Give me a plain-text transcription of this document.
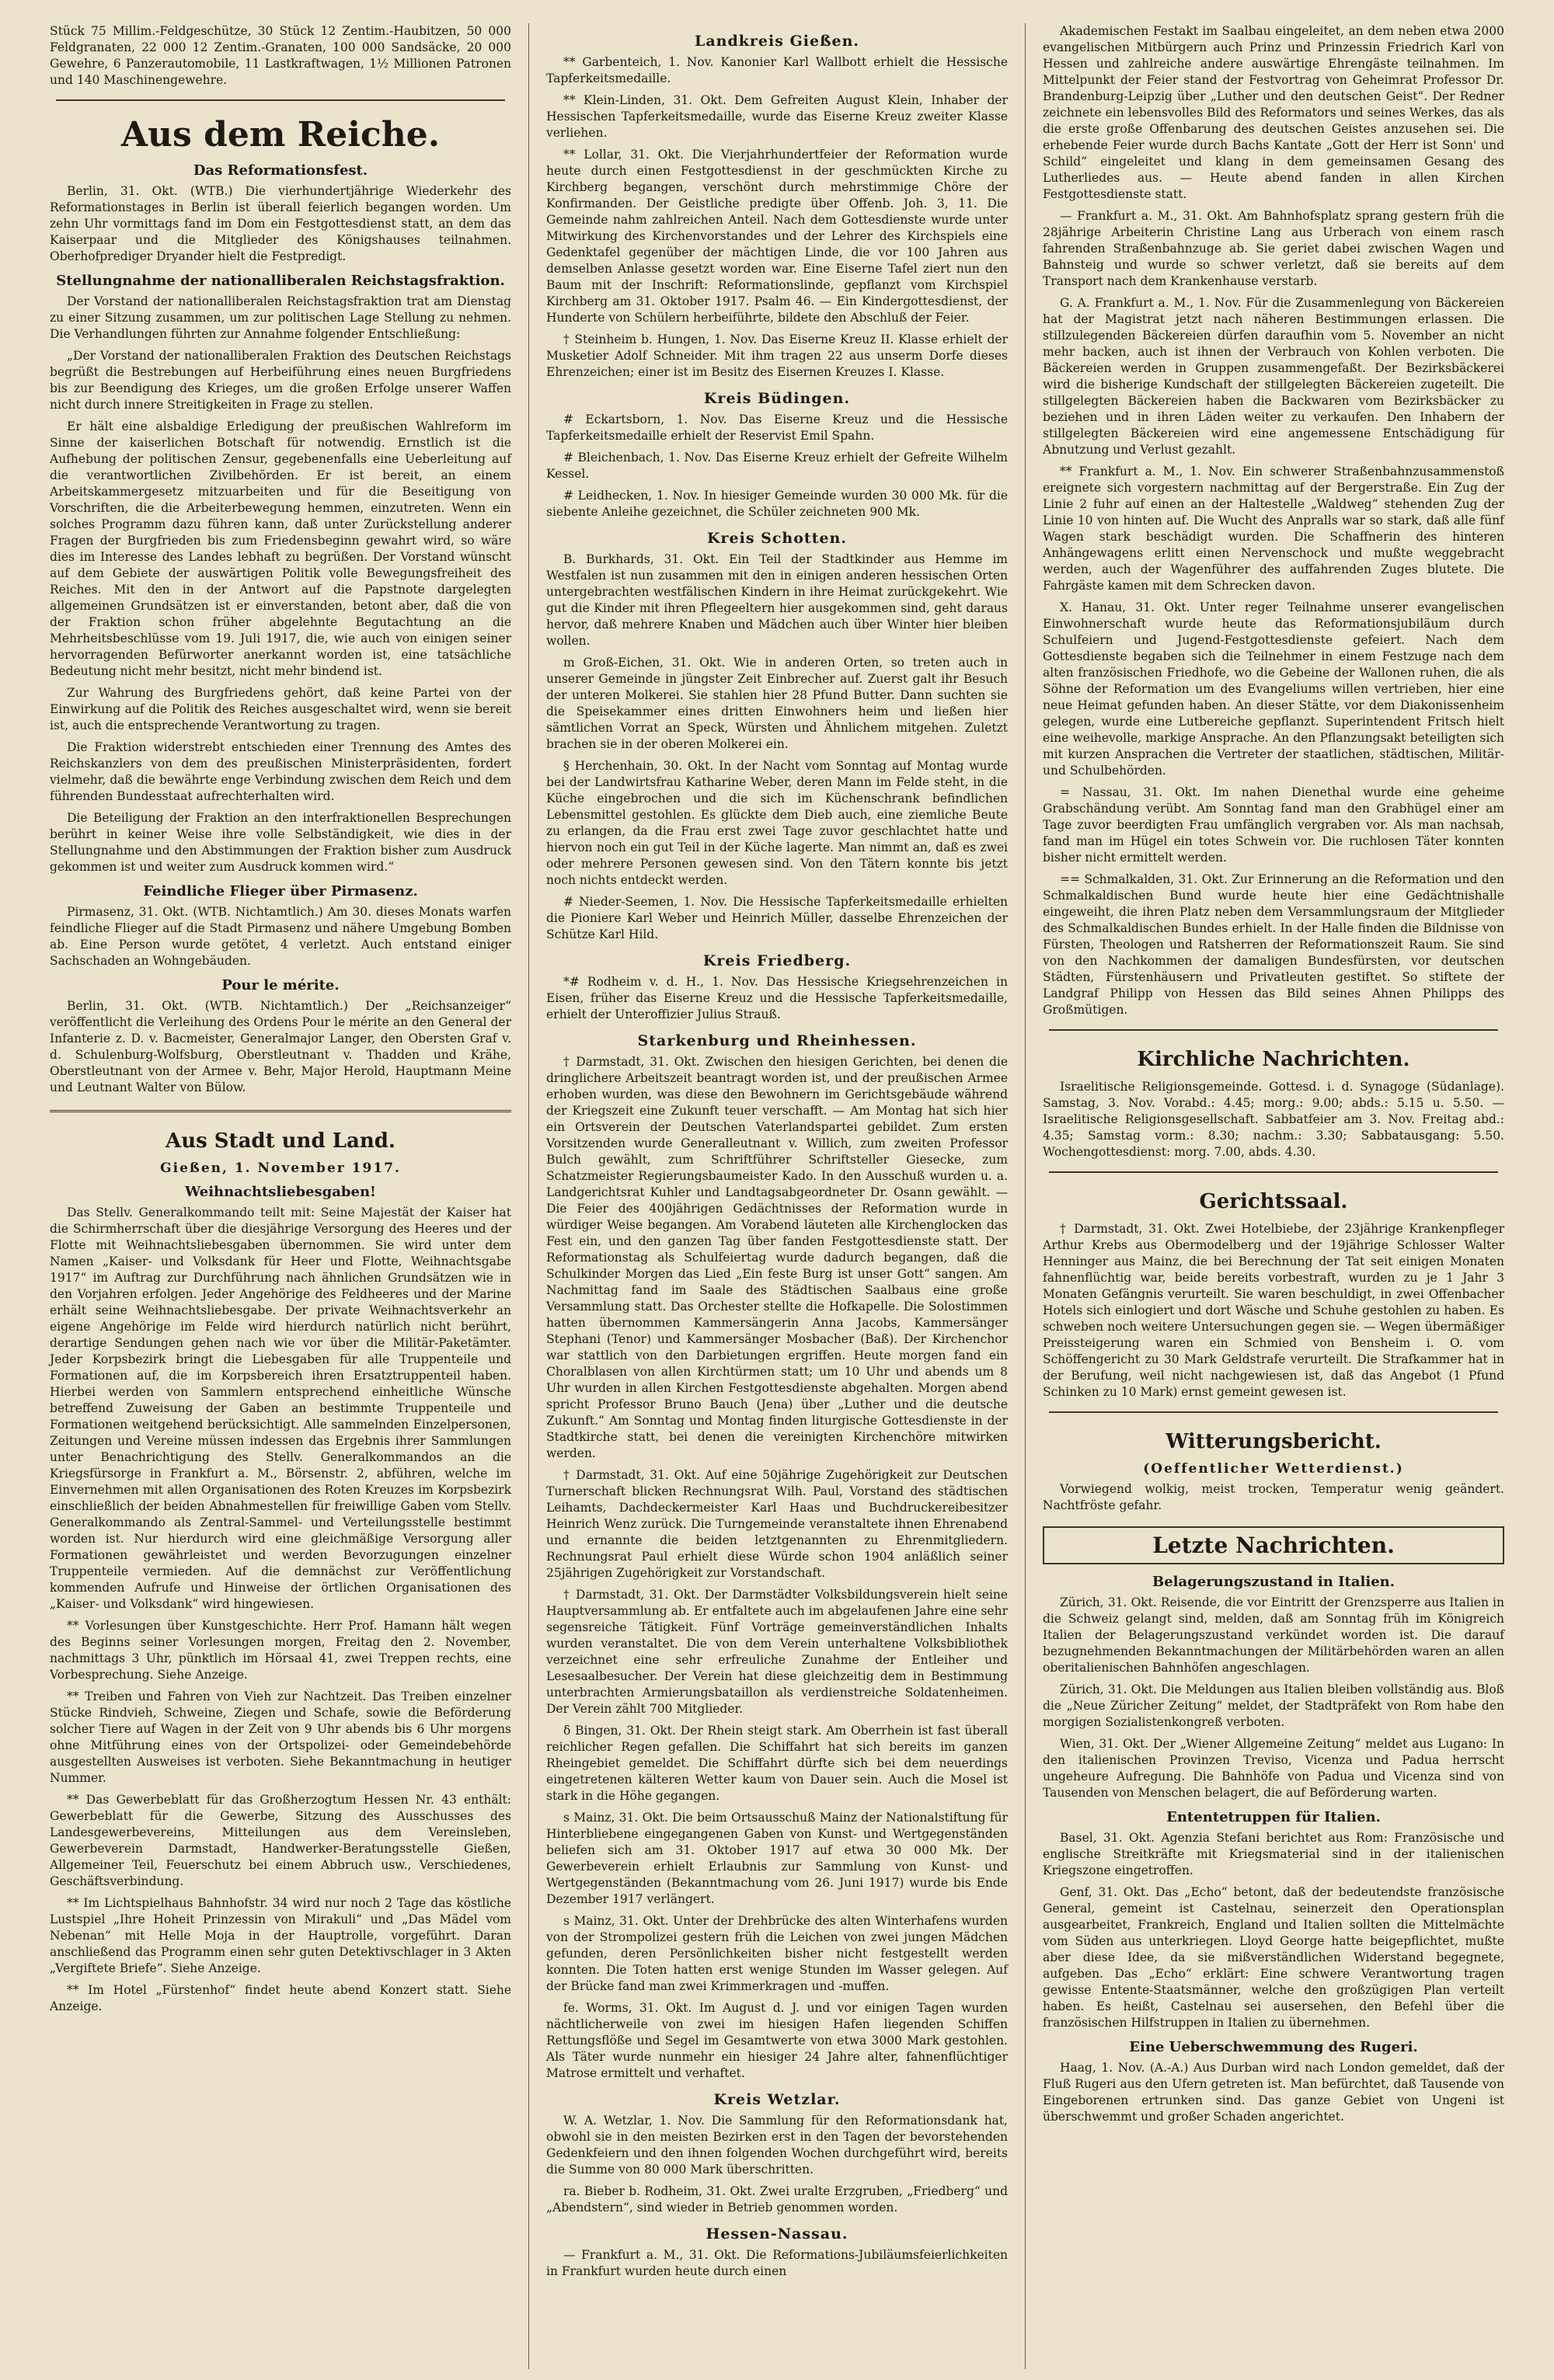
Stück 75 Millim.-Feldgeschütze, 30 Stück 12 Zentim.-Haubitzen, 50 000 Feldgranaten, 22 000 12 Zentim.-Granaten, 100 000 Sandsäcke, 20 000 Gewehre, 6 Panzerautomobile, 11 Lastkraftwagen, 1½ Millionen Patronen und 140 Maschinengewehre.

Aus dem Reiche.
Das Reformationsfest.

Berlin, 31. Okt. (WTB.) Die vierhundertjährige Wiederkehr des Reformationstages in Berlin ist überall feierlich begangen worden. Um zehn Uhr vormittags fand im Dom ein Festgottesdienst statt, an dem das Kaiserpaar und die Mitglieder des Königshauses teilnahmen. Oberhofprediger Dryander hielt die Festpredigt.

Stellungnahme der nationalliberalen Reichstagsfraktion.

Der Vorstand der nationalliberalen Reichstagsfraktion trat am Dienstag zu einer Sitzung zusammen, um zur politischen Lage Stellung zu nehmen. Die Verhandlungen führten zur Annahme folgender Entschließung:

„Der Vorstand der nationalliberalen Fraktion des Deutschen Reichstags begrüßt die Bestrebungen auf Herbeiführung eines neuen Burgfriedens bis zur Beendigung des Krieges, um die großen Erfolge unserer Waffen nicht durch innere Streitigkeiten in Frage zu stellen.

Er hält eine alsbaldige Erledigung der preußischen Wahlreform im Sinne der kaiserlichen Botschaft für notwendig. Ernstlich ist die Aufhebung der politischen Zensur, gegebenenfalls eine Ueberleitung auf die verantwortlichen Zivilbehörden. Er ist bereit, an einem Arbeitskammergesetz mitzuarbeiten und für die Beseitigung von Vorschriften, die die Arbeiterbewegung hemmen, einzutreten. Wenn ein solches Programm dazu führen kann, daß unter Zurückstellung anderer Fragen der Burgfrieden bis zum Friedensbeginn gewahrt wird, so wäre dies im Interesse des Landes lebhaft zu begrüßen. Der Vorstand wünscht auf dem Gebiete der auswärtigen Politik volle Bewegungsfreiheit des Reiches. Mit den in der Antwort auf die Papstnote dargelegten allgemeinen Grundsätzen ist er einverstanden, betont aber, daß die von der Fraktion schon früher abgelehnte Begutachtung an die Mehrheitsbeschlüsse vom 19. Juli 1917, die, wie auch von einigen seiner hervorragenden Befürworter anerkannt worden ist, eine tatsächliche Bedeutung nicht mehr besitzt, nicht mehr bindend ist.

Zur Wahrung des Burgfriedens gehört, daß keine Partei von der Einwirkung auf die Politik des Reiches ausgeschaltet wird, wenn sie bereit ist, auch die entsprechende Verantwortung zu tragen.

Die Fraktion widerstrebt entschieden einer Trennung des Amtes des Reichskanzlers von dem des preußischen Ministerpräsidenten, fordert vielmehr, daß die bewährte enge Verbindung zwischen dem Reich und dem führenden Bundesstaat aufrechterhalten wird.

Die Beteiligung der Fraktion an den interfraktionellen Besprechungen berührt in keiner Weise ihre volle Selbständigkeit, wie dies in der Stellungnahme und den Abstimmungen der Fraktion bisher zum Ausdruck gekommen ist und weiter zum Ausdruck kommen wird.“

Feindliche Flieger über Pirmasenz.

Pirmasenz, 31. Okt. (WTB. Nichtamtlich.) Am 30. dieses Monats warfen feindliche Flieger auf die Stadt Pirmasenz und nähere Umgebung Bomben ab. Eine Person wurde getötet, 4 verletzt. Auch entstand einiger Sachschaden an Wohngebäuden.

Pour le mérite.

Berlin, 31. Okt. (WTB. Nichtamtlich.) Der „Reichsanzeiger“ veröffentlicht die Verleihung des Ordens Pour le mérite an den General der Infanterie z. D. v. Bacmeister, Generalmajor Langer, den Obersten Graf v. d. Schulenburg-Wolfsburg, Oberstleutnant v. Thadden und Krähe, Oberstleutnant von der Armee v. Behr, Major Herold, Hauptmann Meine und Leutnant Walter von Bülow.

Aus Stadt und Land.
Gießen, 1. November 1917.
Weihnachtsliebesgaben!

Das Stellv. Generalkommando teilt mit: Seine Majestät der Kaiser hat die Schirmherrschaft über die diesjährige Versorgung des Heeres und der Flotte mit Weihnachtsliebesgaben übernommen. Sie wird unter dem Namen „Kaiser- und Volksdank für Heer und Flotte, Weihnachtsgabe 1917“ im Auftrag zur Durchführung nach ähnlichen Grundsätzen wie in den Vorjahren erfolgen. Jeder Angehörige des Feldheeres und der Marine erhält seine Weihnachtsliebesgabe. Der private Weihnachtsverkehr an eigene Angehörige im Felde wird hierdurch natürlich nicht berührt, derartige Sendungen gehen nach wie vor über die Militär-Paketämter. Jeder Korpsbezirk bringt die Liebesgaben für alle Truppenteile und Formationen auf, die im Korpsbereich ihren Ersatztruppenteil haben. Hierbei werden von Sammlern entsprechend einheitliche Wünsche betreffend Zuweisung der Gaben an bestimmte Truppenteile und Formationen weitgehend berücksichtigt. Alle sammelnden Einzelpersonen, Zeitungen und Vereine müssen indessen das Ergebnis ihrer Sammlungen unter Benachrichtigung des Stellv. Generalkommandos an die Kriegsfürsorge in Frankfurt a. M., Börsenstr. 2, abführen, welche im Einvernehmen mit allen Organisationen des Roten Kreuzes im Korpsbezirk einschließlich der beiden Abnahmestellen für freiwillige Gaben vom Stellv. Generalkommando als Zentral-Sammel- und Verteilungsstelle bestimmt worden ist. Nur hierdurch wird eine gleichmäßige Versorgung aller Formationen gewährleistet und werden Bevorzugungen einzelner Truppenteile vermieden. Auf die demnächst zur Veröffentlichung kommenden Aufrufe und Hinweise der örtlichen Organisationen des „Kaiser- und Volksdank“ wird hingewiesen.

** Vorlesungen über Kunstgeschichte. Herr Prof. Hamann hält wegen des Beginns seiner Vorlesungen morgen, Freitag den 2. November, nachmittags 3 Uhr, pünktlich im Hörsaal 41, zwei Treppen rechts, eine Vorbesprechung. Siehe Anzeige.

** Treiben und Fahren von Vieh zur Nachtzeit. Das Treiben einzelner Stücke Rindvieh, Schweine, Ziegen und Schafe, sowie die Beförderung solcher Tiere auf Wagen in der Zeit von 9 Uhr abends bis 6 Uhr morgens ohne Mitführung eines von der Ortspolizei- oder Gemeindebehörde ausgestellten Ausweises ist verboten. Siehe Bekanntmachung in heutiger Nummer.

** Das Gewerbeblatt für das Großherzogtum Hessen Nr. 43 enthält: Gewerbeblatt für die Gewerbe, Sitzung des Ausschusses des Landesgewerbevereins, Mitteilungen aus dem Vereinsleben, Gewerbeverein Darmstadt, Handwerker-Beratungsstelle Gießen, Allgemeiner Teil, Feuerschutz bei einem Abbruch usw., Verschiedenes, Geschäftsverbindung.

** Im Lichtspielhaus Bahnhofstr. 34 wird nur noch 2 Tage das köstliche Lustspiel „Ihre Hoheit Prinzessin von Mirakuli“ und „Das Mädel vom Nebenan“ mit Helle Moja in der Hauptrolle, vorgeführt. Daran anschließend das Programm einen sehr guten Detektivschlager in 3 Akten „Vergiftete Briefe“. Siehe Anzeige.

** Im Hotel „Fürstenhof“ findet heute abend Konzert statt. Siehe Anzeige.

Landkreis Gießen.

** Garbenteich, 1. Nov. Kanonier Karl Wallbott erhielt die Hessische Tapferkeitsmedaille.

** Klein-Linden, 31. Okt. Dem Gefreiten August Klein, Inhaber der Hessischen Tapferkeitsmedaille, wurde das Eiserne Kreuz zweiter Klasse verliehen.

** Lollar, 31. Okt. Die Vierjahrhundertfeier der Reformation wurde heute durch einen Festgottesdienst in der geschmückten Kirche zu Kirchberg begangen, verschönt durch mehrstimmige Chöre der Konfirmanden. Der Geistliche predigte über Offenb. Joh. 3, 11. Die Gemeinde nahm zahlreichen Anteil. Nach dem Gottesdienste wurde unter Mitwirkung des Kirchenvorstandes und der Lehrer des Kirchspiels eine Gedenktafel gegenüber der mächtigen Linde, die vor 100 Jahren aus demselben Anlasse gesetzt worden war. Eine Eiserne Tafel ziert nun den Baum mit der Inschrift: Reformationslinde, gepflanzt vom Kirchspiel Kirchberg am 31. Oktober 1917. Psalm 46. — Ein Kindergottesdienst, der Hunderte von Schülern herbeiführte, bildete den Abschluß der Feier.

† Steinheim b. Hungen, 1. Nov. Das Eiserne Kreuz II. Klasse erhielt der Musketier Adolf Schneider. Mit ihm tragen 22 aus unserm Dorfe dieses Ehrenzeichen; einer ist im Besitz des Eisernen Kreuzes I. Klasse.

Kreis Büdingen.

# Eckartsborn, 1. Nov. Das Eiserne Kreuz und die Hessische Tapferkeitsmedaille erhielt der Reservist Emil Spahn.

# Bleichenbach, 1. Nov. Das Eiserne Kreuz erhielt der Gefreite Wilhelm Kessel.

# Leidhecken, 1. Nov. In hiesiger Gemeinde wurden 30 000 Mk. für die siebente Anleihe gezeichnet, die Schüler zeichneten 900 Mk.

Kreis Schotten.

B. Burkhards, 31. Okt. Ein Teil der Stadtkinder aus Hemme im Westfalen ist nun zusammen mit den in einigen anderen hessischen Orten untergebrachten westfälischen Kindern in ihre Heimat zurückgekehrt. Wie gut die Kinder mit ihren Pflegeeltern hier ausgekommen sind, geht daraus hervor, daß mehrere Knaben und Mädchen auch über Winter hier bleiben wollen.

m Groß-Eichen, 31. Okt. Wie in anderen Orten, so treten auch in unserer Gemeinde in jüngster Zeit Einbrecher auf. Zuerst galt ihr Besuch der unteren Molkerei. Sie stahlen hier 28 Pfund Butter. Dann suchten sie die Speisekammer eines dritten Einwohners heim und ließen hier sämtlichen Vorrat an Speck, Würsten und Ähnlichem mitgehen. Zuletzt brachen sie in der oberen Molkerei ein.

§ Herchenhain, 30. Okt. In der Nacht vom Sonntag auf Montag wurde bei der Landwirtsfrau Katharine Weber, deren Mann im Felde steht, in die Küche eingebrochen und die sich im Küchenschrank befindlichen Lebensmittel gestohlen. Es glückte dem Dieb auch, eine ziemliche Beute zu erlangen, da die Frau erst zwei Tage zuvor geschlachtet hatte und hiervon noch ein gut Teil in der Küche lagerte. Man nimmt an, daß es zwei oder mehrere Personen gewesen sind. Von den Tätern konnte bis jetzt noch nichts entdeckt werden.

# Nieder-Seemen, 1. Nov. Die Hessische Tapferkeitsmedaille erhielten die Pioniere Karl Weber und Heinrich Müller, dasselbe Ehrenzeichen der Schütze Karl Hild.

Kreis Friedberg.

*# Rodheim v. d. H., 1. Nov. Das Hessische Kriegsehrenzeichen in Eisen, früher das Eiserne Kreuz und die Hessische Tapferkeitsmedaille, erhielt der Unteroffizier Julius Strauß.

Starkenburg und Rheinhessen.

† Darmstadt, 31. Okt. Zwischen den hiesigen Gerichten, bei denen die dringlichere Arbeitszeit beantragt worden ist, und der preußischen Armee erhoben wurden, was diese den Bewohnern im Gerichtsgebäude während der Kriegszeit eine Zukunft teuer verschafft. — Am Montag hat sich hier ein Ortsverein der Deutschen Vaterlandspartei gebildet. Zum ersten Vorsitzenden wurde Generalleutnant v. Willich, zum zweiten Professor Bulch gewählt, zum Schriftführer Schriftsteller Giesecke, zum Schatzmeister Regierungsbaumeister Kado. In den Ausschuß wurden u. a. Landgerichtsrat Kuhler und Landtagsabgeordneter Dr. Osann gewählt. — Die Feier des 400jährigen Gedächtnisses der Reformation wurde in würdiger Weise begangen. Am Vorabend läuteten alle Kirchenglocken das Fest ein, und den ganzen Tag über fanden Festgottesdienste statt. Der Reformationstag als Schulfeiertag wurde dadurch begangen, daß die Schulkinder Morgen das Lied „Ein feste Burg ist unser Gott“ sangen. Am Nachmittag fand im Saale des Städtischen Saalbaus eine große Versammlung statt. Das Orchester stellte die Hofkapelle. Die Solostimmen hatten übernommen Kammersängerin Anna Jacobs, Kammersänger Stephani (Tenor) und Kammersänger Mosbacher (Baß). Der Kirchenchor war stattlich von den Darbietungen ergriffen. Heute morgen fand ein Choralblasen von allen Kirchtürmen statt; um 10 Uhr und abends um 8 Uhr wurden in allen Kirchen Festgottesdienste abgehalten. Morgen abend spricht Professor Bruno Bauch (Jena) über „Luther und die deutsche Zukunft.“ Am Sonntag und Montag finden liturgische Gottesdienste in der Stadtkirche statt, bei denen die vereinigten Kirchenchöre mitwirken werden.

† Darmstadt, 31. Okt. Auf eine 50jährige Zugehörigkeit zur Deutschen Turnerschaft blicken Rechnungsrat Wilh. Paul, Vorstand des städtischen Leihamts, Dachdeckermeister Karl Haas und Buchdruckereibesitzer Heinrich Wenz zurück. Die Turngemeinde veranstaltete ihnen Ehrenabend und ernannte die beiden letztgenannten zu Ehrenmitgliedern. Rechnungsrat Paul erhielt diese Würde schon 1904 anläßlich seiner 25jährigen Zugehörigkeit zur Vorstandschaft.

† Darmstadt, 31. Okt. Der Darmstädter Volksbildungsverein hielt seine Hauptversammlung ab. Er entfaltete auch im abgelaufenen Jahre eine sehr segensreiche Tätigkeit. Fünf Vorträge gemeinverständlichen Inhalts wurden veranstaltet. Die von dem Verein unterhaltene Volksbibliothek verzeichnet eine sehr erfreuliche Zunahme der Entleiher und Lesesaalbesucher. Der Verein hat diese gleichzeitig dem in Bestimmung unterbrachten Armierungsbataillon als verdienstreiche Soldatenheimen. Der Verein zählt 700 Mitglieder.

δ Bingen, 31. Okt. Der Rhein steigt stark. Am Oberrhein ist fast überall reichlicher Regen gefallen. Die Schiffahrt hat sich bereits im ganzen Rheingebiet gemeldet. Die Schiffahrt dürfte sich bei dem neuerdings eingetretenen kälteren Wetter kaum von Dauer sein. Auch die Mosel ist stark in die Höhe gegangen.

s Mainz, 31. Okt. Die beim Ortsausschuß Mainz der Nationalstiftung für Hinterbliebene eingegangenen Gaben von Kunst- und Wertgegenständen beliefen sich am 31. Oktober 1917 auf etwa 30 000 Mk. Der Gewerbeverein erhielt Erlaubnis zur Sammlung von Kunst- und Wertgegenständen (Bekanntmachung vom 26. Juni 1917) wurde bis Ende Dezember 1917 verlängert.

s Mainz, 31. Okt. Unter der Drehbrücke des alten Winterhafens wurden von der Strompolizei gestern früh die Leichen von zwei jungen Mädchen gefunden, deren Persönlichkeiten bisher nicht festgestellt werden konnten. Die Toten hatten erst wenige Stunden im Wasser gelegen. Auf der Brücke fand man zwei Krimmerkragen und -muffen.

fe. Worms, 31. Okt. Im August d. J. und vor einigen Tagen wurden nächtlicherweile von zwei im hiesigen Hafen liegenden Schiffen Rettungsflöße und Segel im Gesamtwerte von etwa 3000 Mark gestohlen. Als Täter wurde nunmehr ein hiesiger 24 Jahre alter, fahnenflüchtiger Matrose ermittelt und verhaftet.

Kreis Wetzlar.

W. A. Wetzlar, 1. Nov. Die Sammlung für den Reformationsdank hat, obwohl sie in den meisten Bezirken erst in den Tagen der bevorstehenden Gedenkfeiern und den ihnen folgenden Wochen durchgeführt wird, bereits die Summe von 80 000 Mark überschritten.

ra. Bieber b. Rodheim, 31. Okt. Zwei uralte Erzgruben, „Friedberg“ und „Abendstern“, sind wieder in Betrieb genommen worden.

Hessen-Nassau.

— Frankfurt a. M., 31. Okt. Die Reformations-Jubiläumsfeierlichkeiten in Frankfurt wurden heute durch einen

Akademischen Festakt im Saalbau eingeleitet, an dem neben etwa 2000 evangelischen Mitbürgern auch Prinz und Prinzessin Friedrich Karl von Hessen und zahlreiche andere auswärtige Ehrengäste teilnahmen. Im Mittelpunkt der Feier stand der Festvortrag von Geheimrat Professor Dr. Brandenburg-Leipzig über „Luther und den deutschen Geist“. Der Redner zeichnete ein lebensvolles Bild des Reformators und seines Werkes, das als die erste große Offenbarung des deutschen Geistes anzusehen sei. Die erhebende Feier wurde durch Bachs Kantate „Gott der Herr ist Sonn' und Schild“ eingeleitet und klang in dem gemeinsamen Gesang des Lutherliedes aus. — Heute abend fanden in allen Kirchen Festgottesdienste statt.

— Frankfurt a. M., 31. Okt. Am Bahnhofsplatz sprang gestern früh die 28jährige Arbeiterin Christine Lang aus Urberach von einem rasch fahrenden Straßenbahnzuge ab. Sie geriet dabei zwischen Wagen und Bahnsteig und wurde so schwer verletzt, daß sie bereits auf dem Transport nach dem Krankenhause verstarb.

G. A. Frankfurt a. M., 1. Nov. Für die Zusammenlegung von Bäckereien hat der Magistrat jetzt nach näheren Bestimmungen erlassen. Die stillzulegenden Bäckereien dürfen daraufhin vom 5. November an nicht mehr backen, auch ist ihnen der Verbrauch von Kohlen verboten. Die Bäckereien werden in Gruppen zusammengefaßt. Der Bezirksbäckerei wird die bisherige Kundschaft der stillgelegten Bäckereien zugeteilt. Die stillgelegten Bäckereien haben die Backwaren vom Bezirksbäcker zu beziehen und in ihren Läden weiter zu verkaufen. Den Inhabern der stillgelegten Bäckereien wird eine angemessene Entschädigung für Abnutzung und Verlust gezahlt.

** Frankfurt a. M., 1. Nov. Ein schwerer Straßenbahnzusammenstoß ereignete sich vorgestern nachmittag auf der Bergerstraße. Ein Zug der Linie 2 fuhr auf einen an der Haltestelle „Waldweg“ stehenden Zug der Linie 10 von hinten auf. Die Wucht des Anpralls war so stark, daß alle fünf Wagen stark beschädigt wurden. Die Schaffnerin des hinteren Anhängewagens erlitt einen Nervenschock und mußte weggebracht werden, auch der Wagenführer des auffahrenden Zuges blutete. Die Fahrgäste kamen mit dem Schrecken davon.

X. Hanau, 31. Okt. Unter reger Teilnahme unserer evangelischen Einwohnerschaft wurde heute das Reformationsjubiläum durch Schulfeiern und Jugend-Festgottesdienste gefeiert. Nach dem Gottesdienste begaben sich die Teilnehmer in einem Festzuge nach dem alten französischen Friedhofe, wo die Gebeine der Wallonen ruhen, die als Söhne der Reformation um des Evangeliums willen vertrieben, hier eine neue Heimat gefunden haben. An dieser Stätte, vor dem Diakonissenheim gelegen, wurde eine Lutbereiche gepflanzt. Superintendent Fritsch hielt eine weihevolle, markige Ansprache. An den Pflanzungsakt beteiligten sich mit kurzen Ansprachen die Vertreter der staatlichen, städtischen, Militär- und Schulbehörden.

= Nassau, 31. Okt. Im nahen Dienethal wurde eine geheime Grabschändung verübt. Am Sonntag fand man den Grabhügel einer am Tage zuvor beerdigten Frau umfänglich vergraben vor. Als man nachsah, fand man im Hügel ein totes Schwein vor. Die ruchlosen Täter konnten bisher nicht ermittelt werden.

== Schmalkalden, 31. Okt. Zur Erinnerung an die Reformation und den Schmalkaldischen Bund wurde heute hier eine Gedächtnishalle eingeweiht, die ihren Platz neben dem Versammlungsraum der Mitglieder des Schmalkaldischen Bundes erhielt. In der Halle finden die Bildnisse von Fürsten, Theologen und Ratsherren der Reformationszeit Raum. Sie sind von den Nachkommen der damaligen Bundesfürsten, vor deutschen Städten, Fürstenhäusern und Privatleuten gestiftet. So stiftete der Landgraf Philipp von Hessen das Bild seines Ahnen Philipps des Großmütigen.

Kirchliche Nachrichten.

Israelitische Religionsgemeinde. Gottesd. i. d. Synagoge (Südanlage). Samstag, 3. Nov. Vorabd.: 4.45; morg.: 9.00; abds.: 5.15 u. 5.50. — Israelitische Religionsgesellschaft. Sabbatfeier am 3. Nov. Freitag abd.: 4.35; Samstag vorm.: 8.30; nachm.: 3.30; Sabbatausgang: 5.50. Wochengottesdienst: morg. 7.00, abds. 4.30.

Gerichtssaal.

† Darmstadt, 31. Okt. Zwei Hotelbiebe, der 23jährige Krankenpfleger Arthur Krebs aus Obermodelberg und der 19jährige Schlosser Walter Henninger aus Mainz, die bei Berechnung der Tat seit einigen Monaten fahnenflüchtig war, beide bereits vorbestraft, wurden zu je 1 Jahr 3 Monaten Gefängnis verurteilt. Sie waren beschuldigt, in zwei Offenbacher Hotels sich einlogiert und dort Wäsche und Schuhe gestohlen zu haben. Es schweben noch weitere Untersuchungen gegen sie. — Wegen übermäßiger Preissteigerung waren ein Schmied von Bensheim i. O. vom Schöffengericht zu 30 Mark Geldstrafe verurteilt. Die Strafkammer hat in der Berufung, weil nicht nachgewiesen ist, daß das Angebot (1 Pfund Schinken zu 10 Mark) ernst gemeint gewesen ist.

Witterungsbericht.
(Oeffentlicher Wetterdienst.)

Vorwiegend wolkig, meist trocken, Temperatur wenig geändert. Nachtfröste gefahr.

Letzte Nachrichten.
Belagerungszustand in Italien.

Zürich, 31. Okt. Reisende, die vor Eintritt der Grenzsperre aus Italien in die Schweiz gelangt sind, melden, daß am Sonntag früh im Königreich Italien der Belagerungszustand verkündet worden ist. Die darauf bezugnehmenden Bekanntmachungen der Militärbehörden waren an allen oberitalienischen Bahnhöfen angeschlagen.

Zürich, 31. Okt. Die Meldungen aus Italien bleiben vollständig aus. Bloß die „Neue Züricher Zeitung“ meldet, der Stadtpräfekt von Rom habe den morgigen Sozialistenkongreß verboten.

Wien, 31. Okt. Der „Wiener Allgemeine Zeitung“ meldet aus Lugano: In den italienischen Provinzen Treviso, Vicenza und Padua herrscht ungeheure Aufregung. Die Bahnhöfe von Padua und Vicenza sind von Tausenden von Menschen belagert, die auf Beförderung warten.

Ententetruppen für Italien.

Basel, 31. Okt. Agenzia Stefani berichtet aus Rom: Französische und englische Streitkräfte mit Kriegsmaterial sind in der italienischen Kriegszone eingetroffen.

Genf, 31. Okt. Das „Echo“ betont, daß der bedeutendste französische General, gemeint ist Castelnau, seinerzeit den Operationsplan ausgearbeitet, Frankreich, England und Italien sollten die Mittelmächte vom Süden aus unterkriegen. Lloyd George hatte beigepflichtet, mußte aber diese Idee, da sie mißverständlichen Widerstand begegnete, aufgeben. Das „Echo“ erklärt: Eine schwere Verantwortung tragen gewisse Entente-Staatsmänner, welche den großzügigen Plan verteilt haben. Es heißt, Castelnau sei ausersehen, den Befehl über die französischen Hilfstruppen in Italien zu übernehmen.

Eine Ueberschwemmung des Rugeri.

Haag, 1. Nov. (A.-A.) Aus Durban wird nach London gemeldet, daß der Fluß Rugeri aus den Ufern getreten ist. Man befürchtet, daß Tausende von Eingeborenen ertrunken sind. Das ganze Gebiet von Ungeni ist überschwemmt und großer Schaden angerichtet.
